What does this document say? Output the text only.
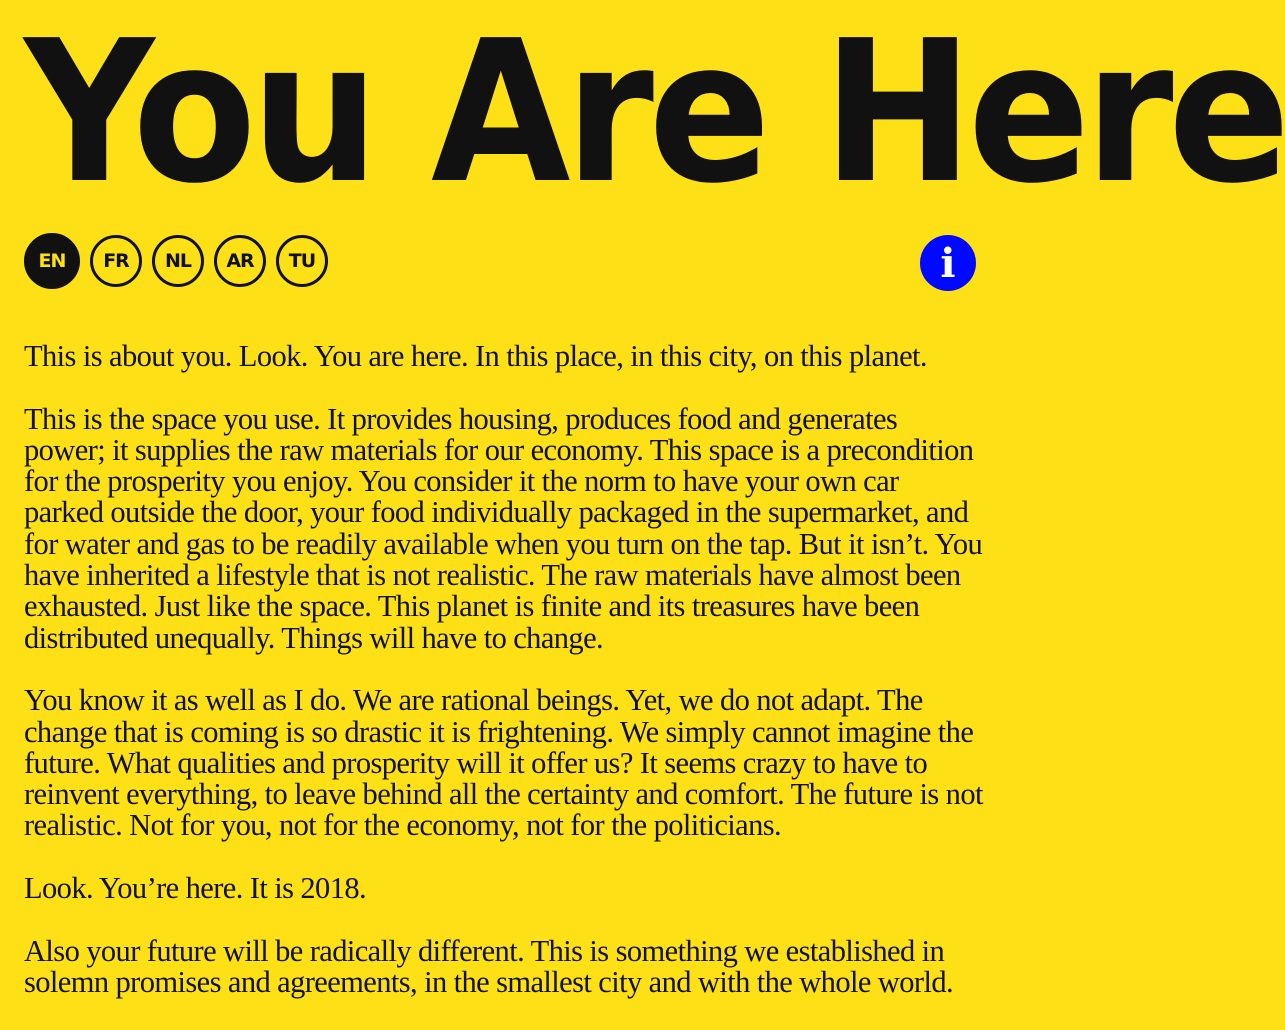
You Are Here
EN	FR	NL	AR	TU	i

This is about you. Look. You are here. In this place, in this city, on this planet.

This is the space you use. It provides housing, produces food and generates power; it supplies the raw materials for our economy. This space is a precondition for the prosperity you enjoy. You consider it the norm to have your own car parked outside the door, your food individually packaged in the supermarket, and for water and gas to be readily available when you turn on the tap. But it isn’t. You have inherited a lifestyle that is not realistic. The raw materials have almost been exhausted. Just like the space. This planet is finite and its treasures have been distributed unequally. Things will have to change.

You know it as well as I do. We are rational beings. Yet, we do not adapt. The change that is coming is so drastic it is frightening. We simply cannot imagine the future. What qualities and prosperity will it offer us? It seems crazy to have to reinvent everything, to leave behind all the certainty and comfort. The future is not realistic. Not for you, not for the economy, not for the politicians.

Look. You’re here. It is 2018.

Also your future will be radically different. This is something we established in solemn promises and agreements, in the smallest city and with the whole world.
